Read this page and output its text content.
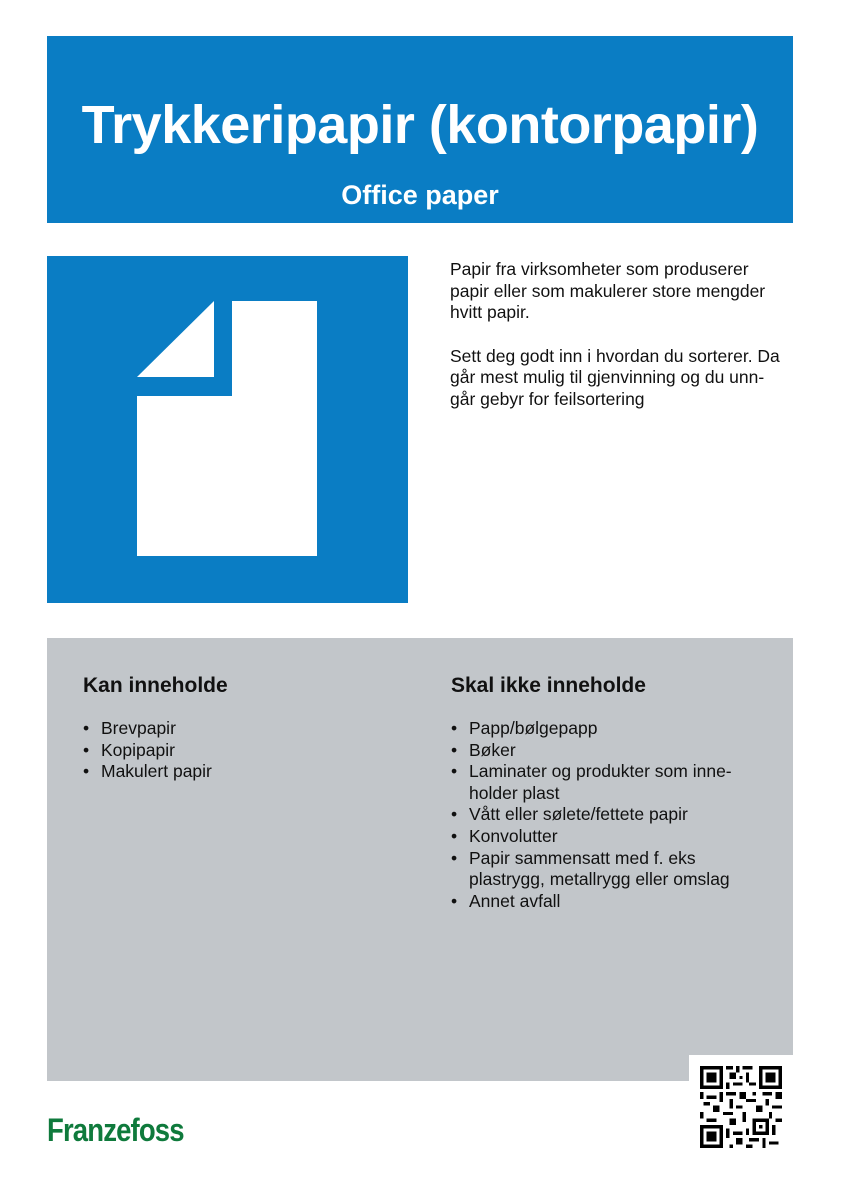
Trykkeripapir (kontorpapir)
Office paper

Papir fra virksomheter som produserer
papir eller som makulerer store mengder
hvitt papir.

Sett deg godt inn i hvordan du sorterer. Da
går mest mulig til gjenvinning og du unn-
går gebyr for feilsortering

Kan inneholde
• Brevpapir
• Kopipapir
• Makulert papir
Skal ikke inneholde
• Papp/bølgepapp
• Bøker
• Laminater og produkter som inne-
holder plast
• Vått eller sølete/fettete papir
• Konvolutter
• Papir sammensatt med f. eks
plastrygg, metallrygg eller omslag
• Annet avfall
Franzefoss
